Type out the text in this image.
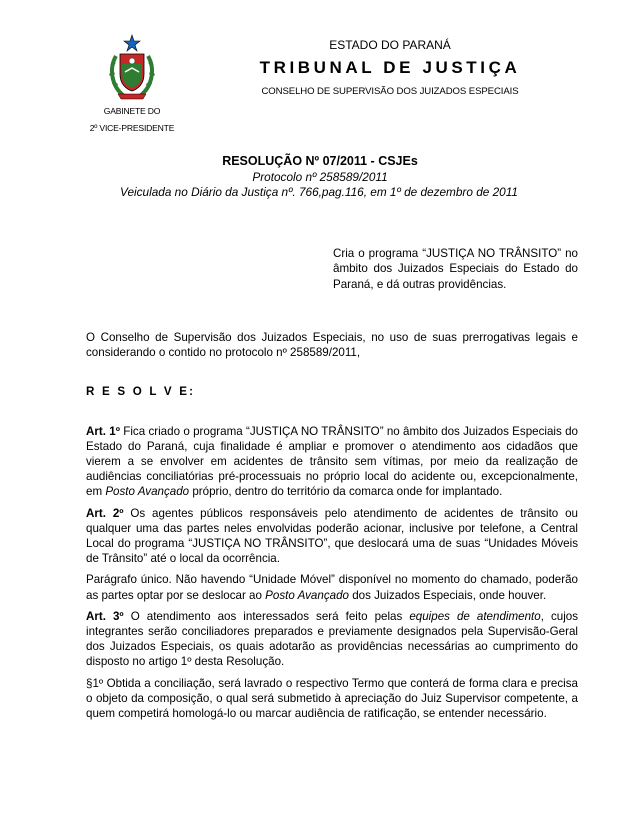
GABINETE DO
2º VICE-PRESIDENTE
ESTADO DO PARANÁ
TRIBUNAL DE JUSTIÇA
CONSELHO DE SUPERVISÃO DOS JUIZADOS ESPECIAIS
RESOLUÇÃO Nº 07/2011 - CSJEs
Protocolo nº 258589/2011
Veiculada no Diário da Justiça nº. 766,pag.116, em 1º de dezembro de 2011
Cria o programa “JUSTIÇA NO TRÂNSITO” no âmbito dos Juizados Especiais do Estado do Paraná, e dá outras providências.

O Conselho de Supervisão dos Juizados Especiais, no uso de suas prerrogativas legais e considerando o contido no protocolo nº 258589/2011,

R E S O L V E:

Art. 1º Fica criado o programa “JUSTIÇA NO TRÂNSITO” no âmbito dos Juizados Especiais do Estado do Paraná, cuja finalidade é ampliar e promover o atendimento aos cidadãos que vierem a se envolver em acidentes de trânsito sem vítimas, por meio da realização de audiências conciliatórias pré-processuais no próprio local do acidente ou, excepcionalmente, em Posto Avançado próprio, dentro do território da comarca onde for implantado.

Art. 2º Os agentes públicos responsáveis pelo atendimento de acidentes de trânsito ou qualquer uma das partes neles envolvidas poderão acionar, inclusive por telefone, a Central Local do programa “JUSTIÇA NO TRÂNSITO”, que deslocará uma de suas “Unidades Móveis de Trânsito” até o local da ocorrência.

Parágrafo único. Não havendo “Unidade Móvel” disponível no momento do chamado, poderão as partes optar por se deslocar ao Posto Avançado dos Juizados Especiais, onde houver.

Art. 3º O atendimento aos interessados será feito pelas equipes de atendimento, cujos integrantes serão conciliadores preparados e previamente designados pela Supervisão-Geral dos Juizados Especiais, os quais adotarão as providências necessárias ao cumprimento do disposto no artigo 1º desta Resolução.

§1º Obtida a conciliação, será lavrado o respectivo Termo que conterá de forma clara e precisa o objeto da composição, o qual será submetido à apreciação do Juiz Supervisor competente, a quem competirá homologá-lo ou marcar audiência de ratificação, se entender necessário.
